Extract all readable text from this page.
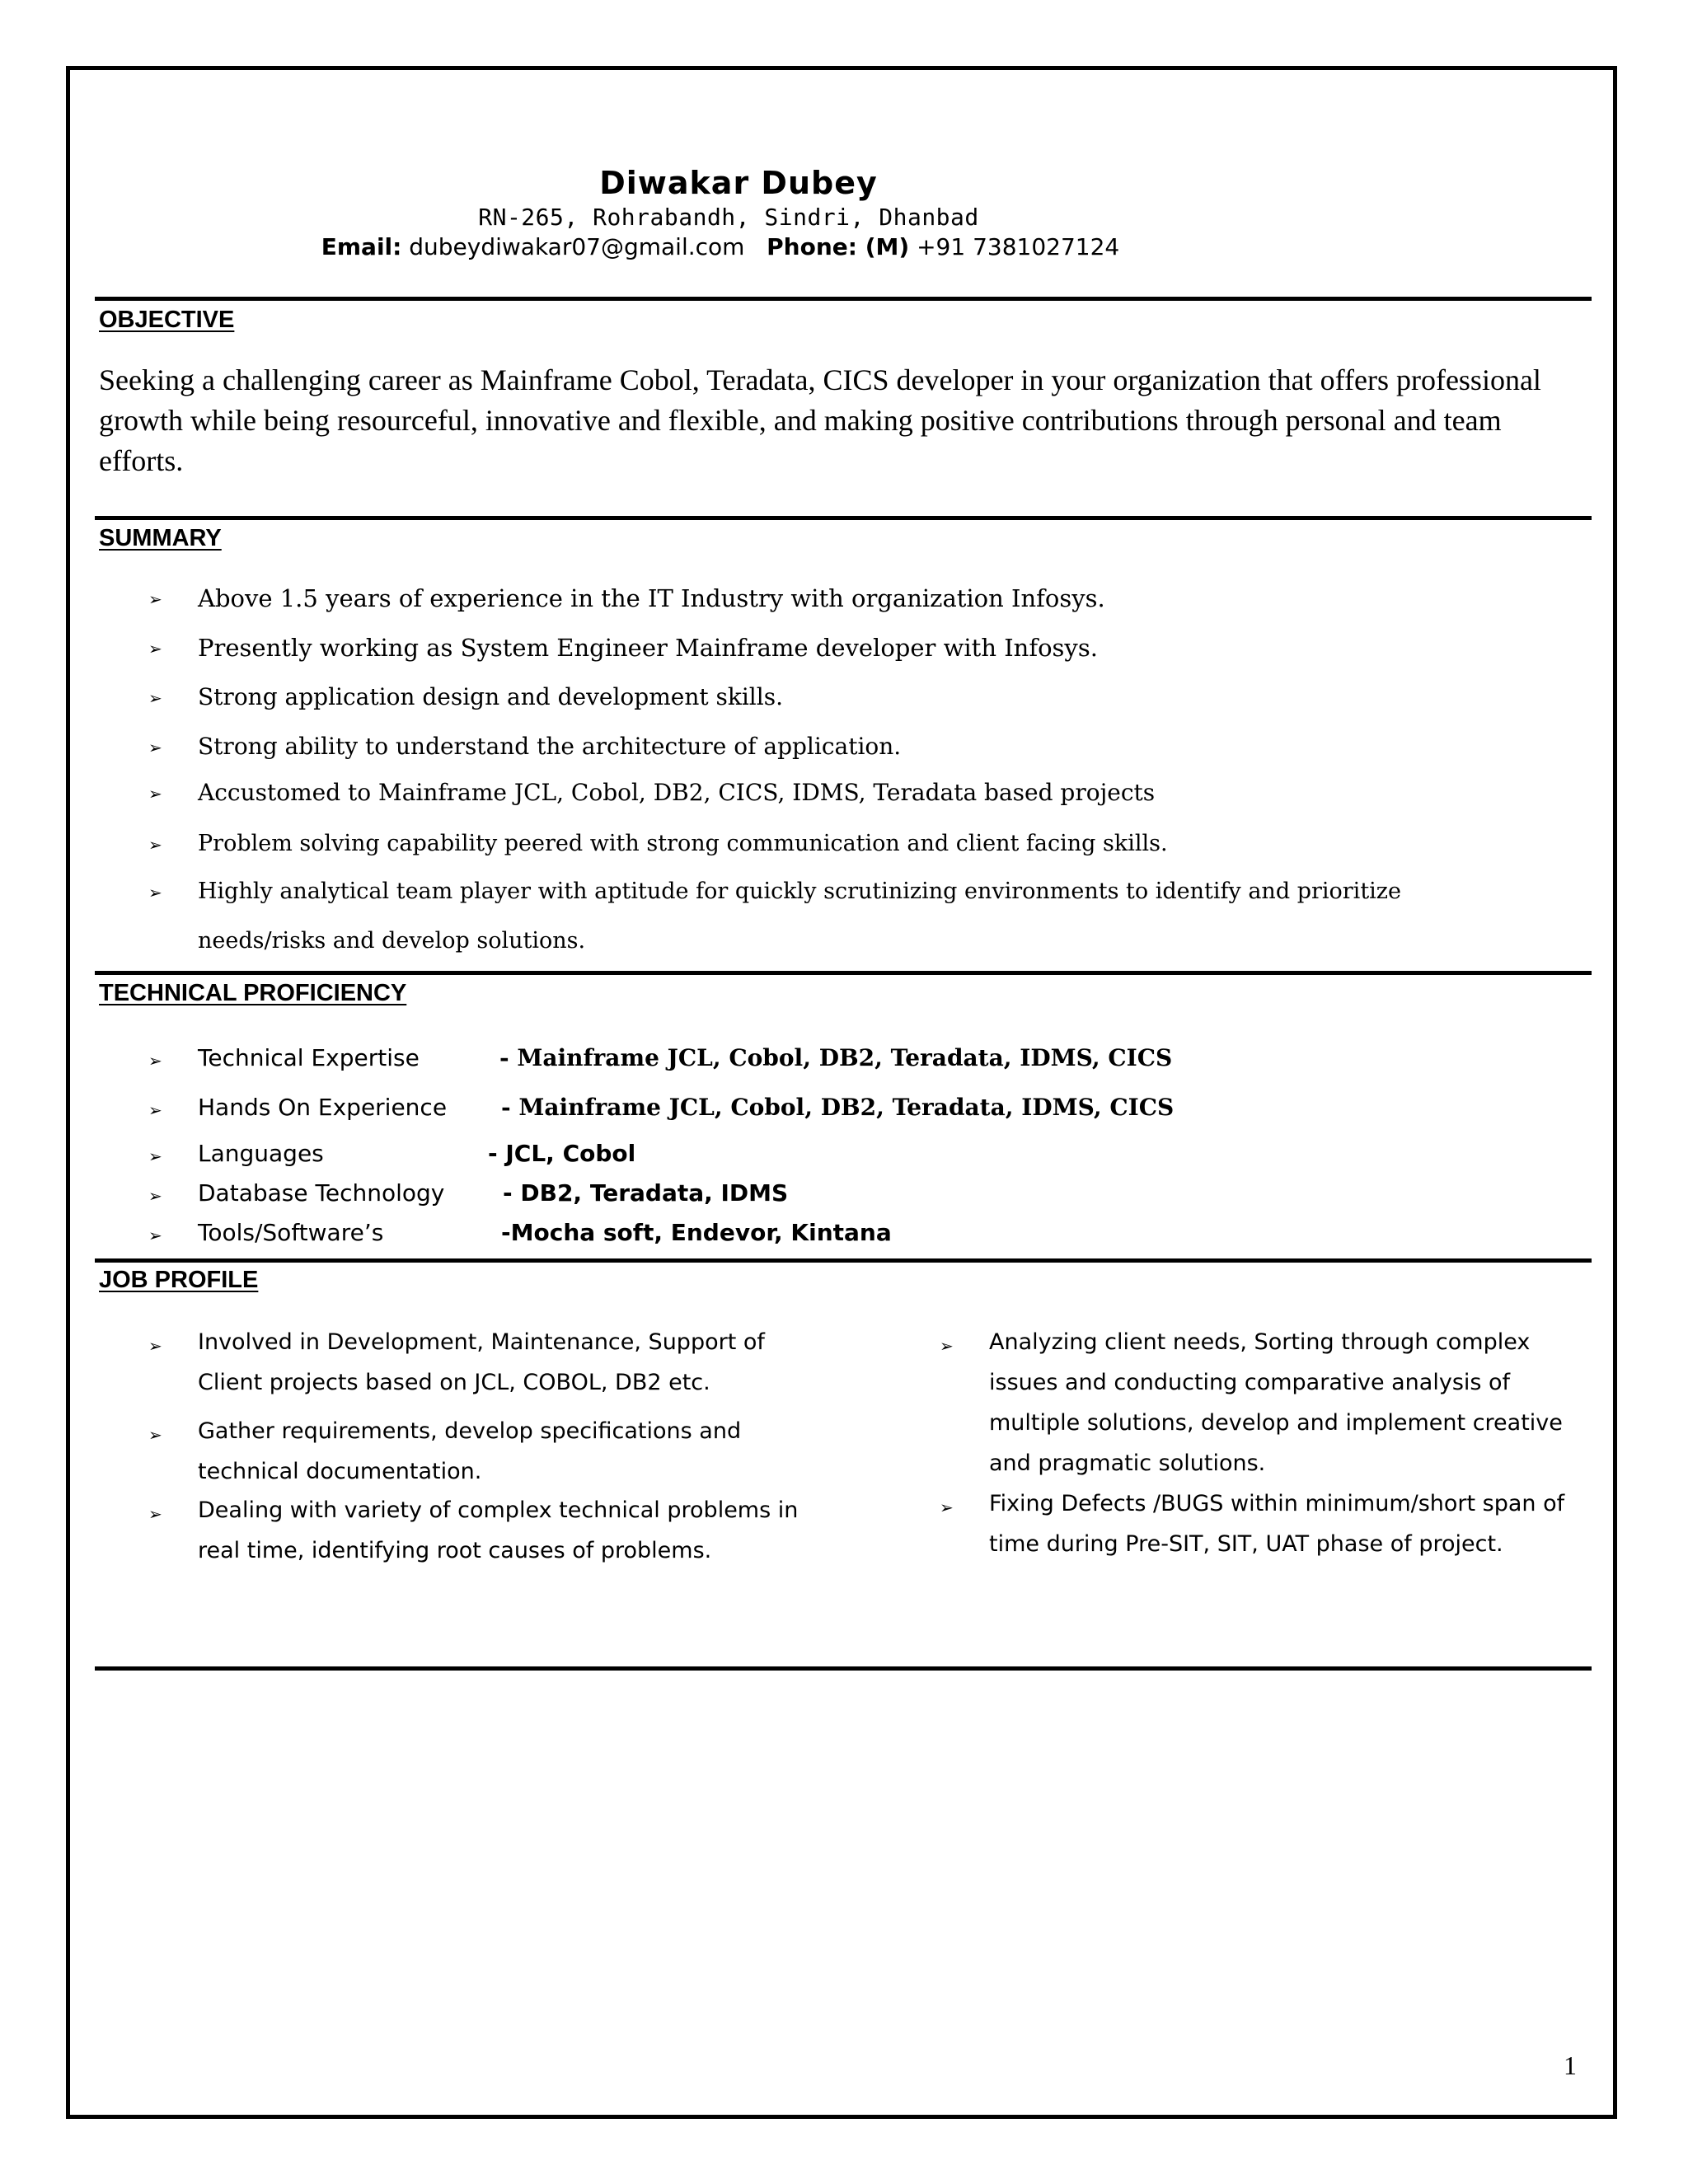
Diwakar Dubey
RN-265, Rohrabandh, Sindri, Dhanbad
Email: dubeydiwakar07@gmail.com Phone: (M) +91 7381027124
OBJECTIVE
Seeking a challenging career as Mainframe Cobol, Teradata, CICS developer in your organization that offers professional growth while being resourceful, innovative and flexible, and making positive contributions through personal and team efforts.
SUMMARY
➢ Above 1.5 years of experience in the IT Industry with organization Infosys.
➢ Presently working as System Engineer Mainframe developer with Infosys.
➢ Strong application design and development skills.
➢ Strong ability to understand the architecture of application.
➢ Accustomed to Mainframe JCL, Cobol, DB2, CICS, IDMS, Teradata based projects
➢ Problem solving capability peered with strong communication and client facing skills.
➢ Highly analytical team player with aptitude for quickly scrutinizing environments to identify and prioritize
needs/risks and develop solutions.
TECHNICAL PROFICIENCY
➢ Technical Expertise	- Mainframe JCL, Cobol, DB2, Teradata, IDMS, CICS
➢ Hands On Experience - Mainframe JCL, Cobol, DB2, Teradata, IDMS, CICS
➢ Languages	- JCL, Cobol
➢ Database Technology	- DB2, Teradata, IDMS
➢ Tools/Software’s	-Mocha soft, Endevor, Kintana
JOB PROFILE
➢ Involved in Development, Maintenance, Support of Client projects based on JCL, COBOL, DB2 etc.
➢ Gather requirements, develop specifications and technical documentation.
➢ Dealing with variety of complex technical problems in real time, identifying root causes of problems.
➢ Analyzing client needs, Sorting through complex issues and conducting comparative analysis of multiple solutions, develop and implement creative and pragmatic solutions.
➢ Fixing Defects /BUGS within minimum/short span of time during Pre-SIT, SIT, UAT phase of project.
1
